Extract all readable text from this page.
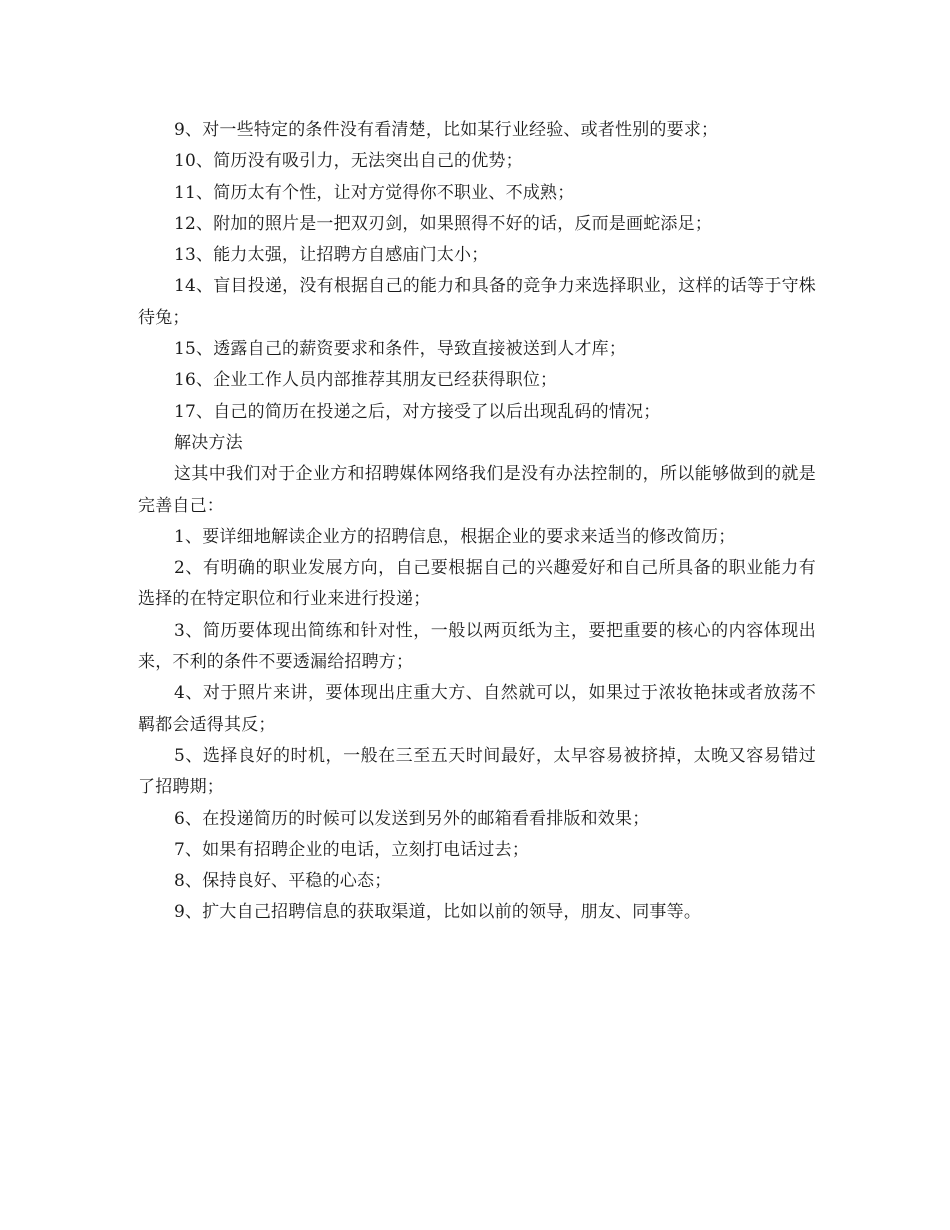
9、对一些特定的条件没有看清楚，比如某行业经验、或者性别的要求；

10、简历没有吸引力，无法突出自己的优势；

11、简历太有个性，让对方觉得你不职业、不成熟；

12、附加的照片是一把双刃剑，如果照得不好的话，反而是画蛇添足；

13、能力太强，让招聘方自感庙门太小；

14、盲目投递，没有根据自己的能力和具备的竞争力来选择职业，这样的话等于守株待兔；

15、透露自己的薪资要求和条件，导致直接被送到人才库；

16、企业工作人员内部推荐其朋友已经获得职位；

17、自己的简历在投递之后，对方接受了以后出现乱码的情况；

解决方法

这其中我们对于企业方和招聘媒体网络我们是没有办法控制的，所以能够做到的就是完善自己：

1、要详细地解读企业方的招聘信息，根据企业的要求来适当的修改简历；

2、有明确的职业发展方向，自己要根据自己的兴趣爱好和自己所具备的职业能力有选择的在特定职位和行业来进行投递；

3、简历要体现出简练和针对性，一般以两页纸为主，要把重要的核心的内容体现出来，不利的条件不要透漏给招聘方；

4、对于照片来讲，要体现出庄重大方、自然就可以，如果过于浓妆艳抹或者放荡不羁都会适得其反；

5、选择良好的时机，一般在三至五天时间最好，太早容易被挤掉，太晚又容易错过了招聘期；

6、在投递简历的时候可以发送到另外的邮箱看看排版和效果；

7、如果有招聘企业的电话，立刻打电话过去；

8、保持良好、平稳的心态；

9、扩大自己招聘信息的获取渠道，比如以前的领导，朋友、同事等。
